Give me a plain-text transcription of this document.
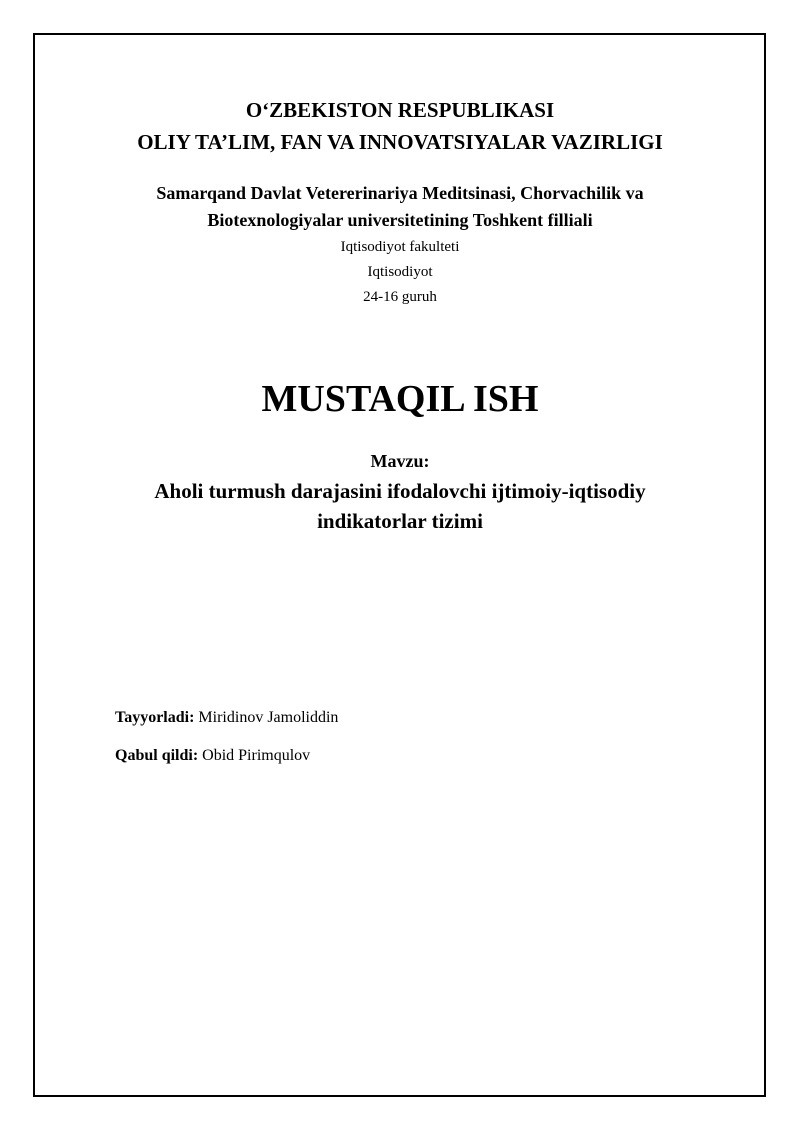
O‘ZBEKISTON RESPUBLIKASI
OLIY TA’LIM, FAN VA INNOVATSIYALAR VAZIRLIGI
Samarqand Davlat Vetererinariya Meditsinasi, Chorvachilik va
Biotexnologiyalar universitetining Toshkent filliali
Iqtisodiyot fakulteti
Iqtisodiyot
24-16 guruh
MUSTAQIL ISH
Mavzu:
Aholi turmush darajasini ifodalovchi ijtimoiy-iqtisodiy
indikatorlar tizimi
Tayyorladi: Miridinov Jamoliddin
Qabul qildi: Obid Pirimqulov
